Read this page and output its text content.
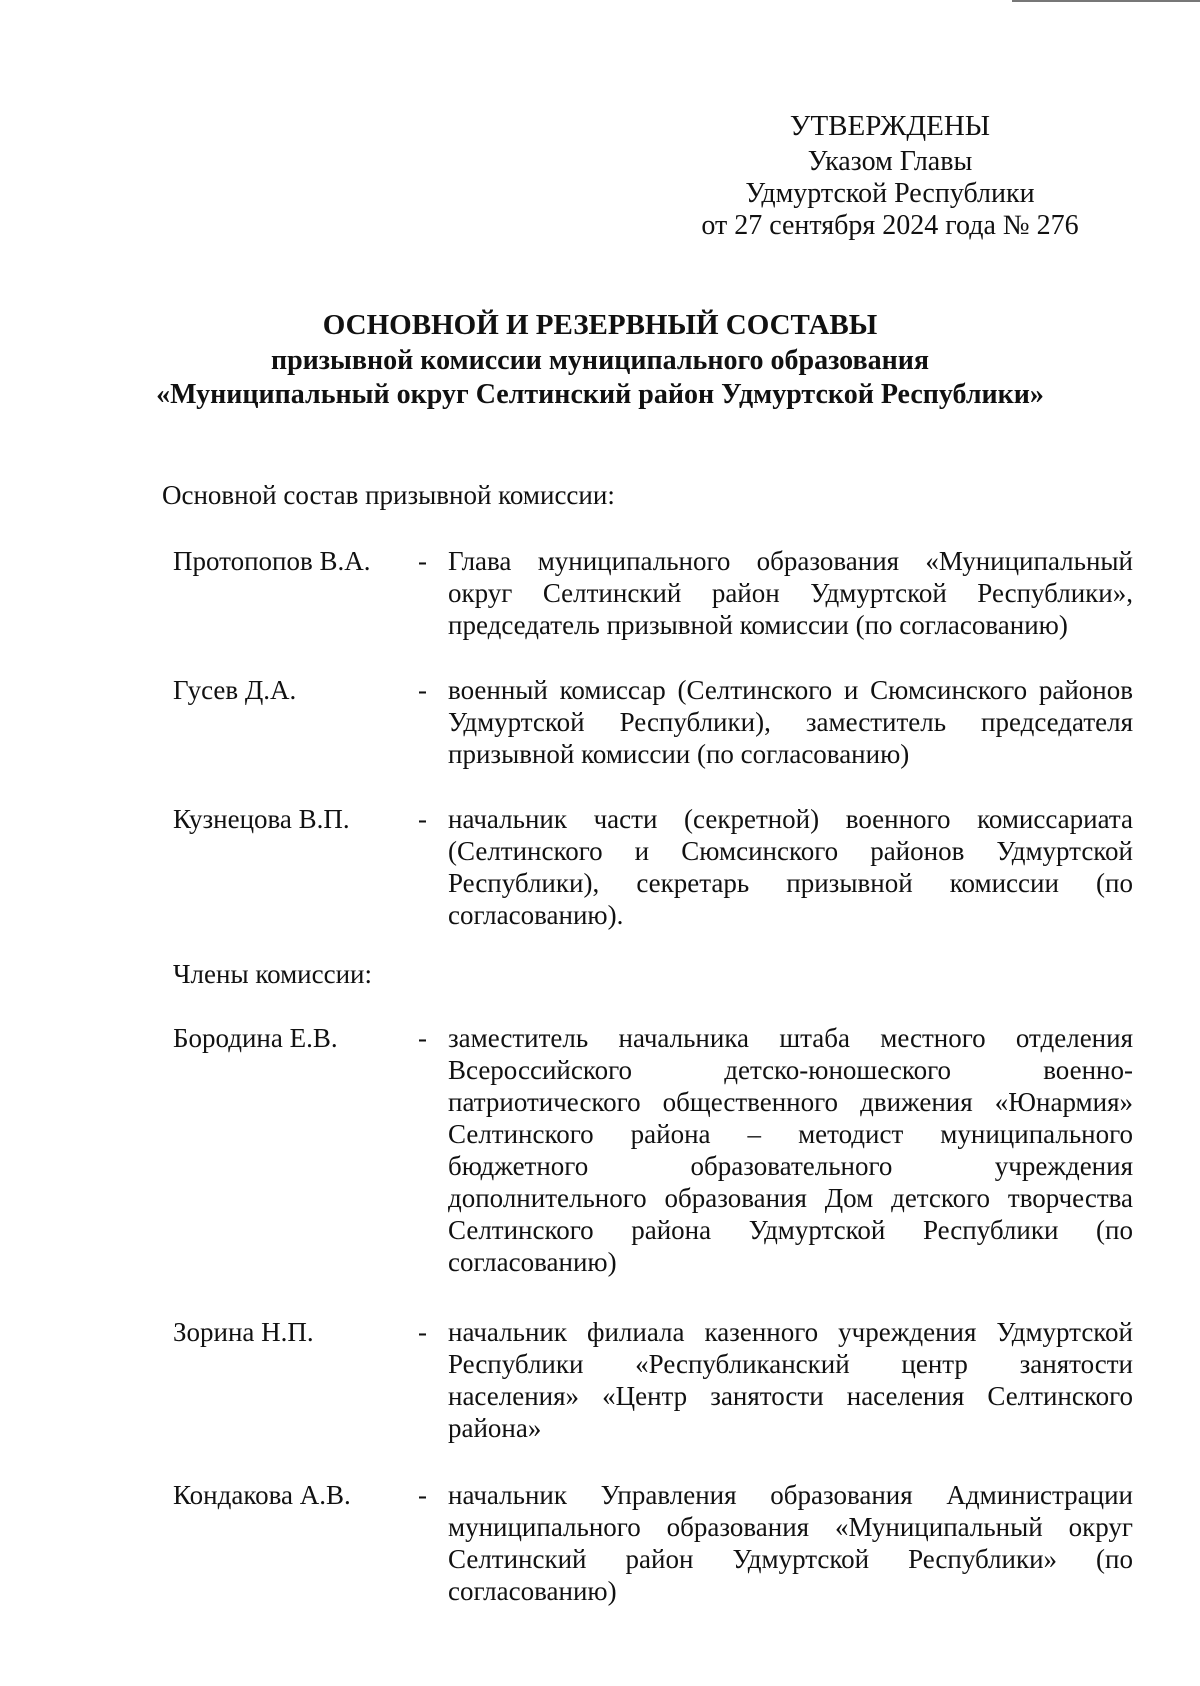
УТВЕРЖДЕНЫ
Указом Главы
Удмуртской Республики
от 27 сентября 2024 года № 276
ОСНОВНОЙ И РЕЗЕРВНЫЙ СОСТАВЫ
призывной комиссии муниципального образования
«Муниципальный округ Селтинский район Удмуртской Республики»
Основной состав призывной комиссии:
Протопопов В.А.	- Глава муниципального образования «Муниципальный округ Селтинский район Удмуртской Республики», председатель призывной комиссии (по согласованию)
Гусев Д.А.	- военный комиссар (Селтинского и Сюмсинского районов Удмуртской Республики), заместитель председателя призывной комиссии (по согласованию)
Кузнецова В.П.	- начальник части (секретной) военного комиссариата (Селтинского и Сюмсинского районов Удмуртской Республики), секретарь призывной комиссии (по согласованию).
Члены комиссии:
Бородина Е.В.	- заместитель начальника штаба местного отделения Всероссийского детско-юношеского военно-патриотического общественного движения «Юнармия» Селтинского района – методист муниципального бюджетного образовательного учреждения дополнительного образования Дом детского творчества Селтинского района Удмуртской Республики (по согласованию)
Зорина Н.П.	- начальник филиала казенного учреждения Удмуртской Республики «Республиканский центр занятости населения» «Центр занятости населения Селтинского района»
Кондакова А.В.	- начальник Управления образования Администрации муниципального образования «Муниципальный округ Селтинский район Удмуртской Республики» (по согласованию)
